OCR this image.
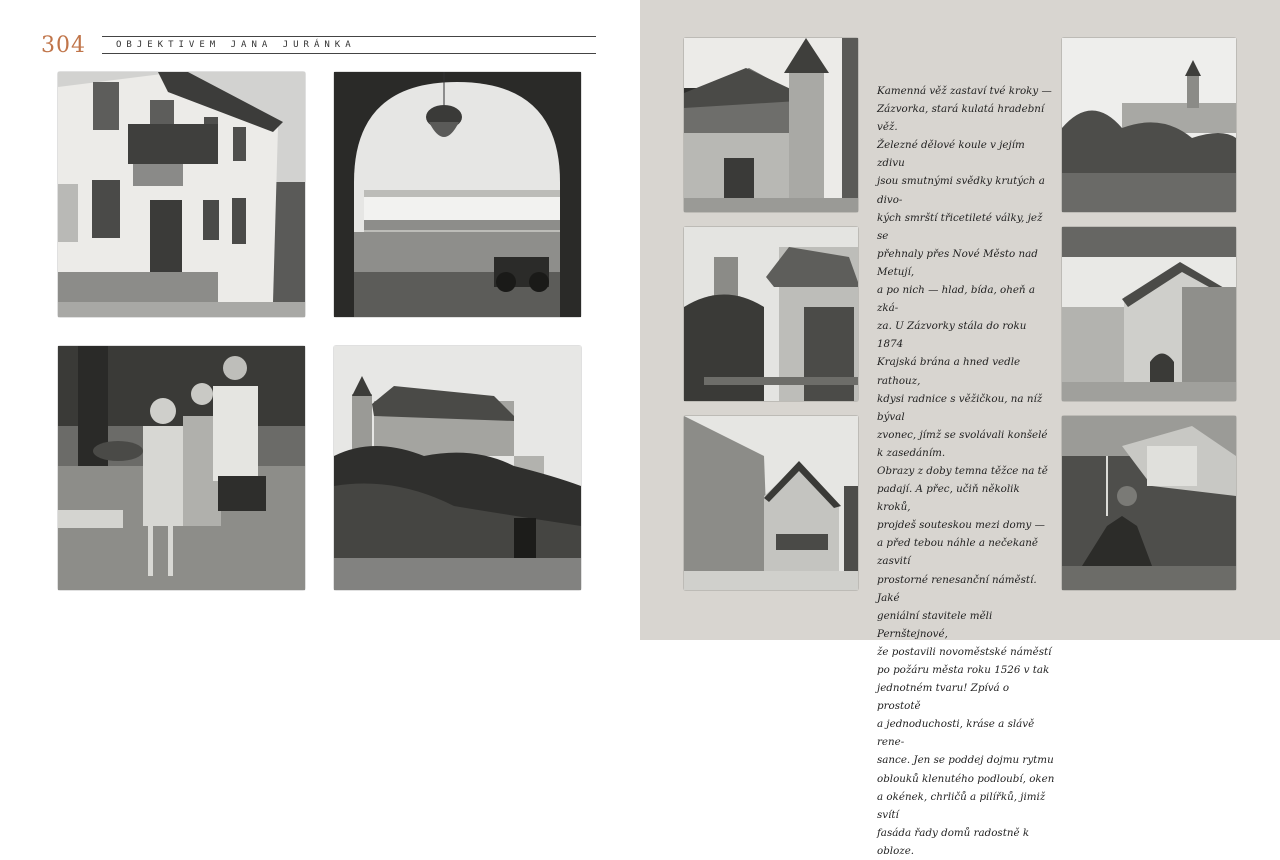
304	OBJEKTIVEM JANA JURÁNKA
Kamenná věž zastaví tvé kroky —
Zázvorka, stará kulatá hradební věž.
Železné dělové koule v jejím zdivu
jsou smutnými svědky krutých a divo-
kých smrští třicetileté války, jež se
přehnaly přes Nové Město nad Metují,
a po nich — hlad, bída, oheň a zká-
za. U Zázvorky stála do roku 1874
Krajská brána a hned vedle rathouz,
kdysi radnice s věžičkou, na níž býval
zvonec, jímž se svolávali konšelé
k zasedáním.
Obrazy z doby temna těžce na tě
padají. A přec, učiň několik kroků,
projdeš souteskou mezi domy —
a před tebou náhle a nečekaně zasvití
prostorné renesanční náměstí. Jaké
geniální stavitele měli Pernštejnové,
že postavili novoměstské náměstí
po požáru města roku 1526 v tak
jednotném tvaru! Zpívá o prostotě
a jednoduchosti, kráse a slávě rene-
sance. Jen se poddej dojmu rytmu
oblouků klenutého podloubí, oken
a okének, chrličů a pilířků, jimiž svítí
fasáda řady domů radostně k obloze.
